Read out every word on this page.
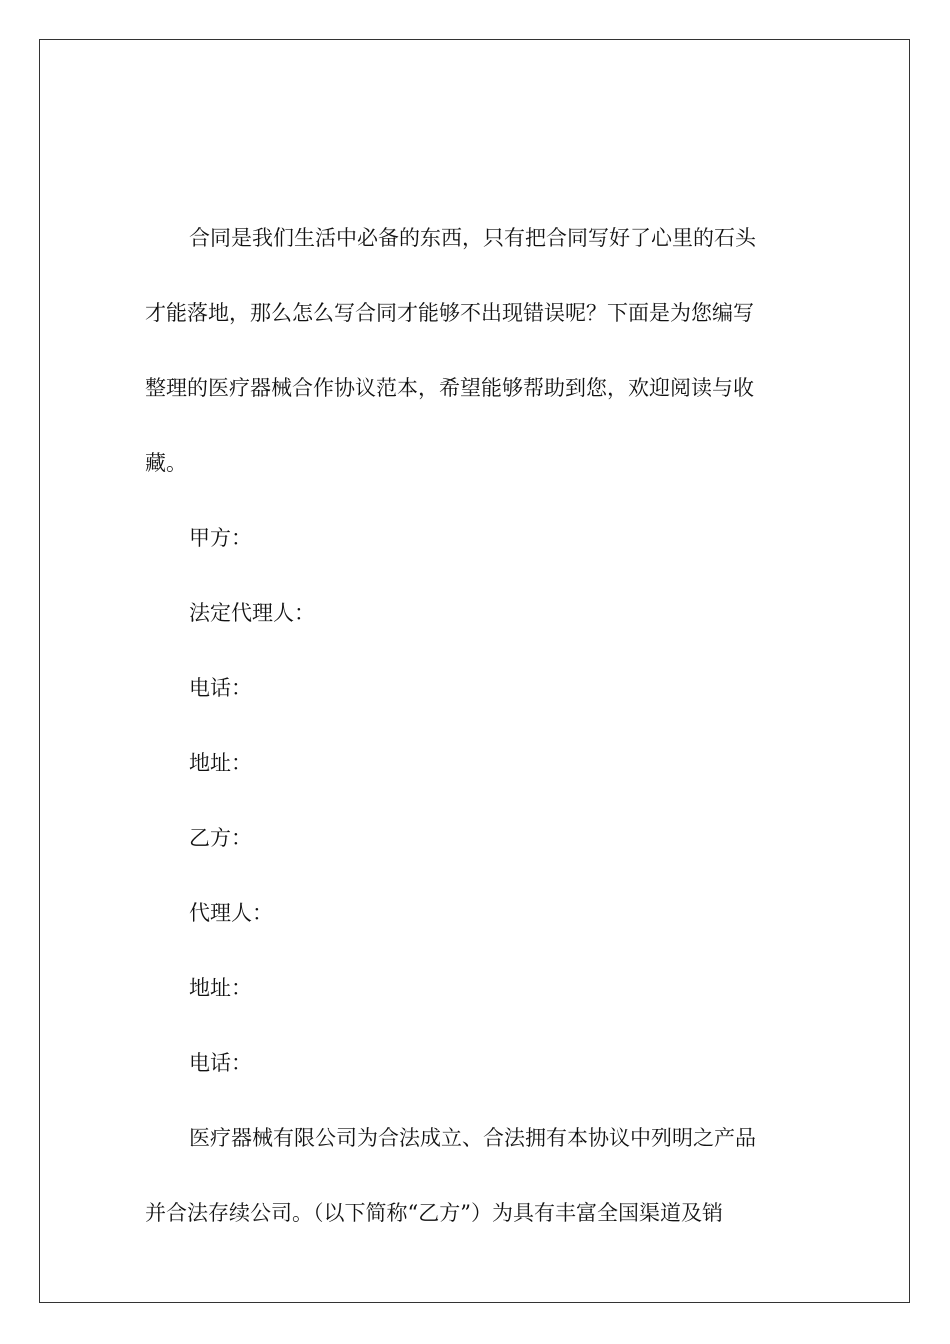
合同是我们生活中必备的东西，只有把合同写好了心里的石头

才能落地，那么怎么写合同才能够不出现错误呢？下面是为您编写

整理的医疗器械合作协议范本，希望能够帮助到您，欢迎阅读与收

藏。

甲方：

法定代理人：

电话：

地址：

乙方：

代理人：

地址：

电话：

医疗器械有限公司为合法成立、合法拥有本协议中列明之产品

并合法存续公司。（以下简称“乙方”）为具有丰富全国渠道及销
